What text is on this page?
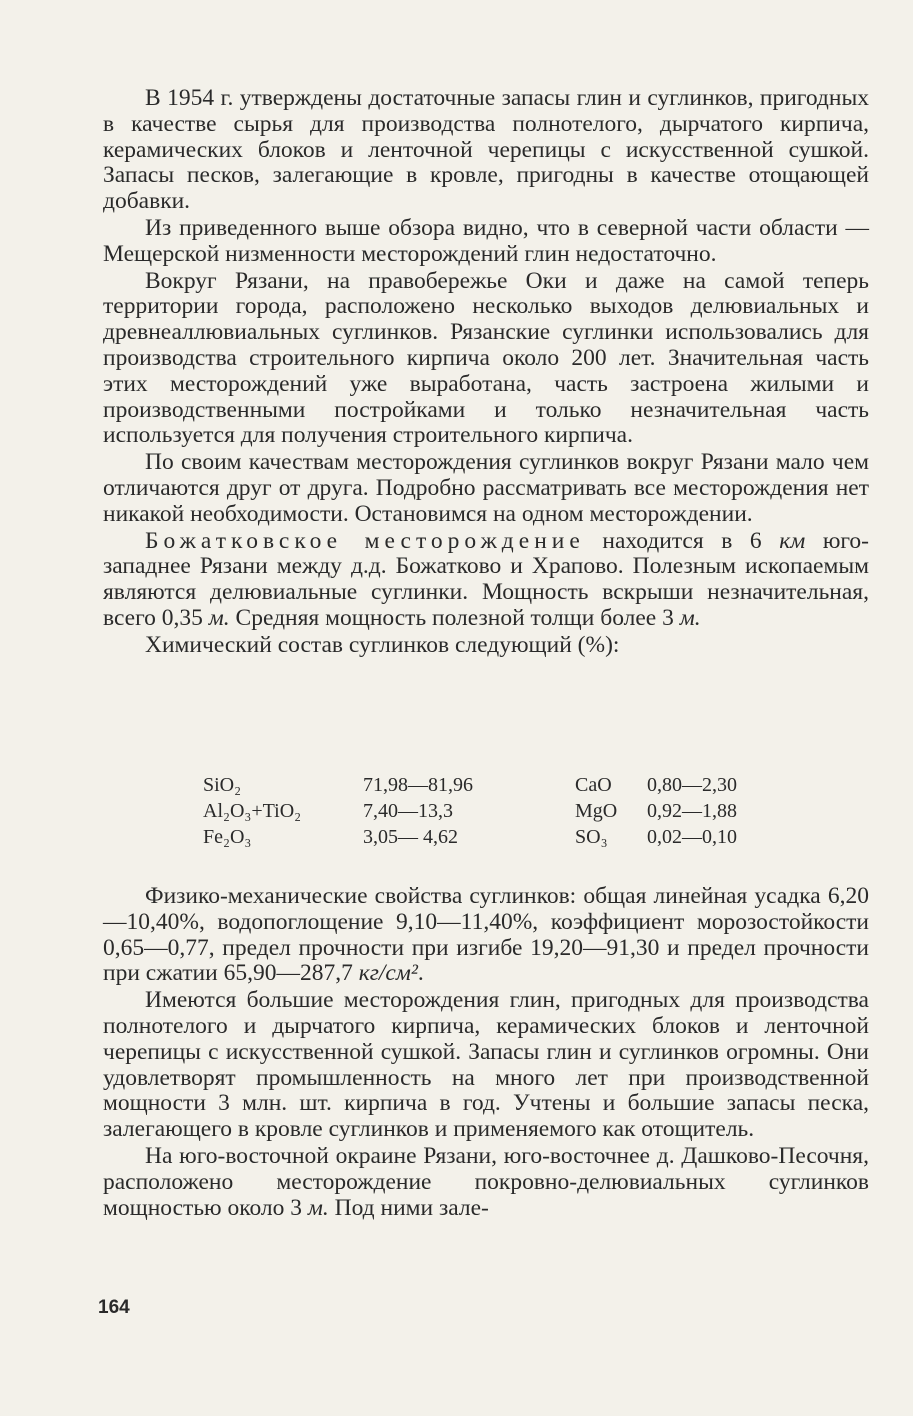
В 1954 г. утверждены достаточные запасы глин и суглинков, пригодных в качестве сырья для производства полнотелого, дырчатого кирпича, керамических блоков и ленточной черепицы с искусственной сушкой. Запасы песков, залегающие в кровле, пригодны в качестве отощающей добавки.

Из приведенного выше обзора видно, что в северной части области — Мещерской низменности месторождений глин недостаточно.

Вокруг Рязани, на правобережье Оки и даже на самой теперь территории города, расположено несколько выходов делювиальных и древнеаллювиальных суглинков. Рязанские суглинки использовались для производства строительного кирпича около 200 лет. Значительная часть этих месторождений уже выработана, часть застроена жилыми и производственными постройками и только незначительная часть используется для получения строительного кирпича.

По своим качествам месторождения суглинков вокруг Рязани мало чем отличаются друг от друга. Подробно рассматривать все месторождения нет никакой необходимости. Остановимся на одном месторождении.

Божатковское месторождение находится в 6 км юго-западнее Рязани между д.д. Божатково и Храпово. Полезным ископаемым являются делювиальные суглинки. Мощность вскрыши незначительная, всего 0,35 м. Средняя мощность полезной толщи более 3 м.

Химический состав суглинков следующий (%):

SiO₂	71,98—81,96	CaO	0,80—2,30
Al₂O₃+TiO₂	7,40—13,3	MgO	0,92—1,88
Fe₂O₃	3,05— 4,62	SO₃	0,02—0,10

Физико-механические свойства суглинков: общая линейная усадка 6,20—10,40%, водопоглощение 9,10—11,40%, коэффициент морозостойкости 0,65—0,77, предел прочности при изгибе 19,20—91,30 и предел прочности при сжатии 65,90—287,7 кг/см².

Имеются большие месторождения глин, пригодных для производства полнотелого и дырчатого кирпича, керамических блоков и ленточной черепицы с искусственной сушкой. Запасы глин и суглинков огромны. Они удовлетворят промышленность на много лет при производственной мощности 3 млн. шт. кирпича в год. Учтены и большие запасы песка, залегающего в кровле суглинков и применяемого как отощитель.

На юго-восточной окраине Рязани, юго-восточнее д. Дашково-Песочня, расположено месторождение покровно-делювиальных суглинков мощностью около 3 м. Под ними зале-

164
